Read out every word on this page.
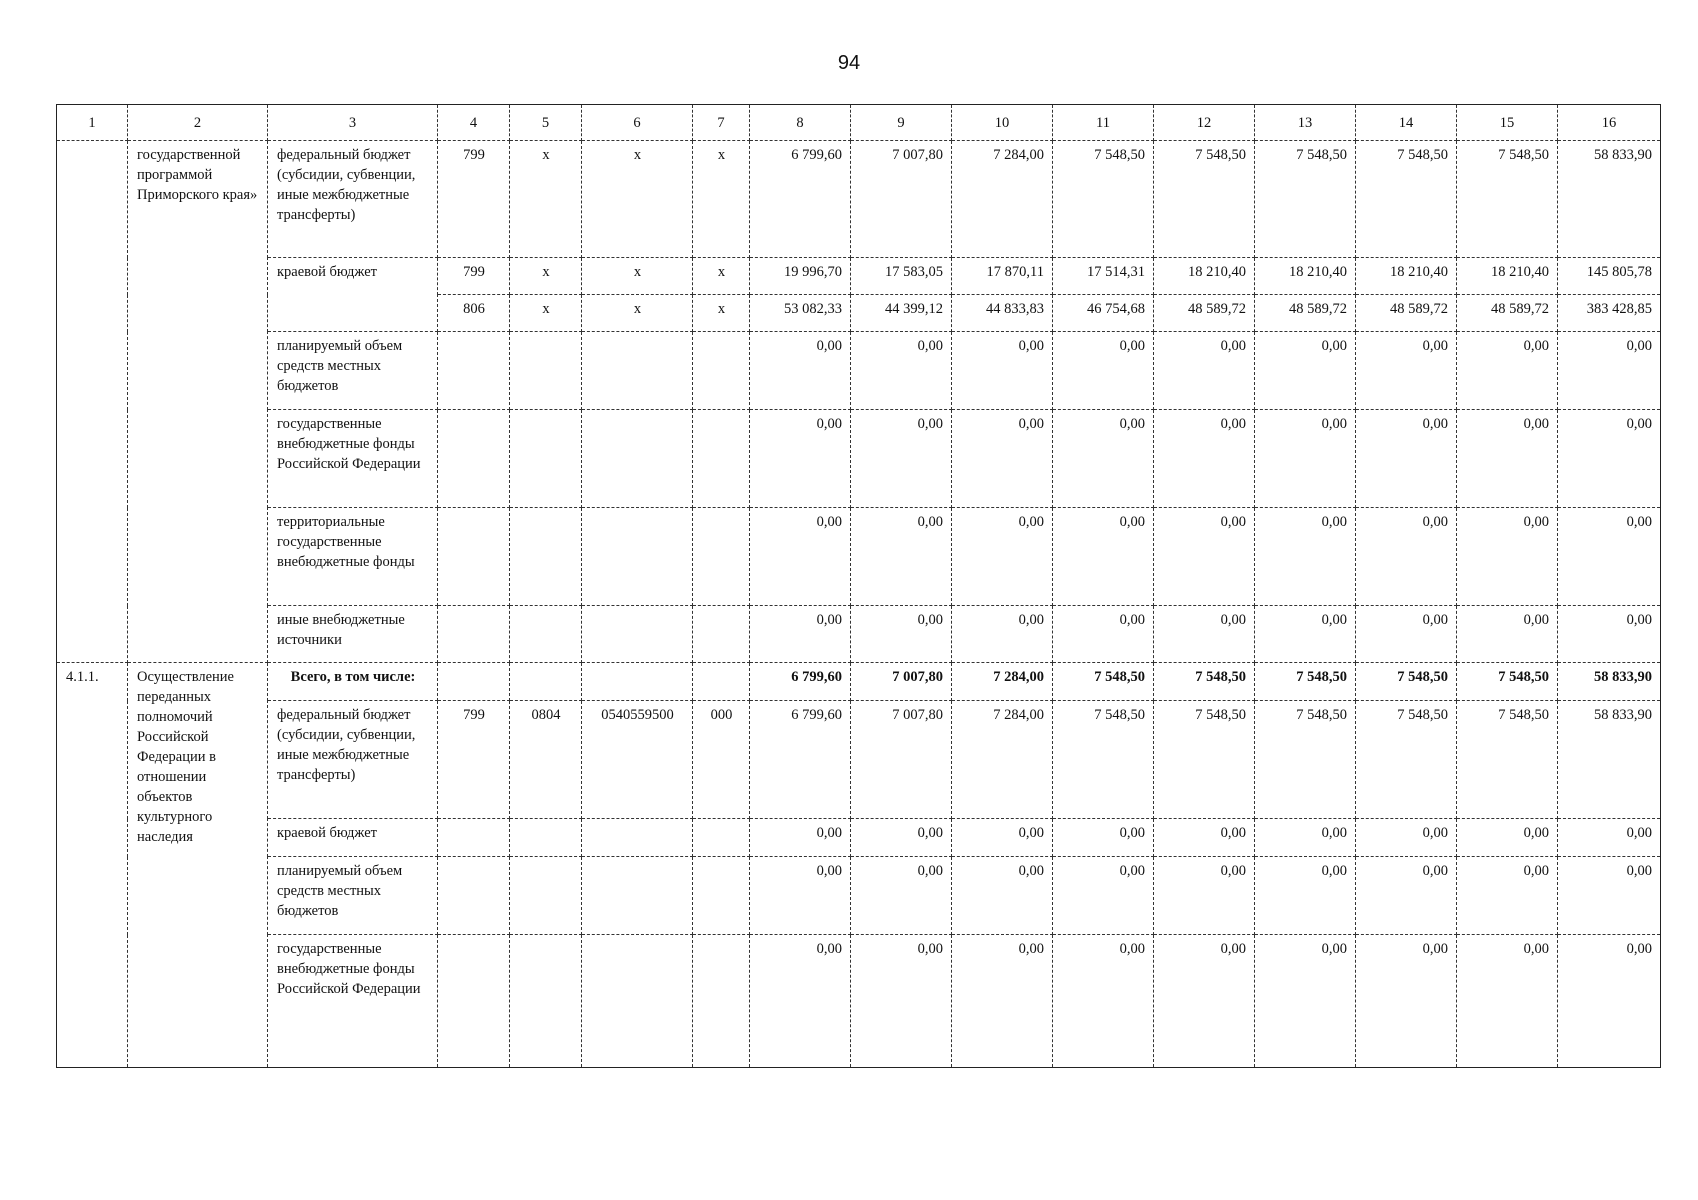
94
1	2	3	4	5	6	7	8	9	10	11	12	13	14	15	16
	государственной программой Приморского края»	федеральный бюджет (субсидии, субвенции, иные межбюджетные трансферты)	799	х	х	х	6 799,60	7 007,80	7 284,00	7 548,50	7 548,50	7 548,50	7 548,50	7 548,50	58 833,90
		краевой бюджет	799	х	х	х	19 996,70	17 583,05	17 870,11	17 514,31	18 210,40	18 210,40	18 210,40	18 210,40	145 805,78
			806	х	х	х	53 082,33	44 399,12	44 833,83	46 754,68	48 589,72	48 589,72	48 589,72	48 589,72	383 428,85
		планируемый объем средств местных бюджетов					0,00	0,00	0,00	0,00	0,00	0,00	0,00	0,00	0,00
		государственные внебюджетные фонды Российской Федерации					0,00	0,00	0,00	0,00	0,00	0,00	0,00	0,00	0,00
		территориальные государственные внебюджетные фонды					0,00	0,00	0,00	0,00	0,00	0,00	0,00	0,00	0,00
		иные внебюджетные источники					0,00	0,00	0,00	0,00	0,00	0,00	0,00	0,00	0,00
4.1.1.	Осуществление переданных полномочий Российской Федерации в отношении объектов культурного наследия	Всего, в том числе:					6 799,60	7 007,80	7 284,00	7 548,50	7 548,50	7 548,50	7 548,50	7 548,50	58 833,90
		федеральный бюджет (субсидии, субвенции, иные межбюджетные трансферты)	799	0804	0540559500	000	6 799,60	7 007,80	7 284,00	7 548,50	7 548,50	7 548,50	7 548,50	7 548,50	58 833,90
		краевой бюджет					0,00	0,00	0,00	0,00	0,00	0,00	0,00	0,00	0,00
		планируемый объем средств местных бюджетов					0,00	0,00	0,00	0,00	0,00	0,00	0,00	0,00	0,00
		государственные внебюджетные фонды Российской Федерации					0,00	0,00	0,00	0,00	0,00	0,00	0,00	0,00	0,00
